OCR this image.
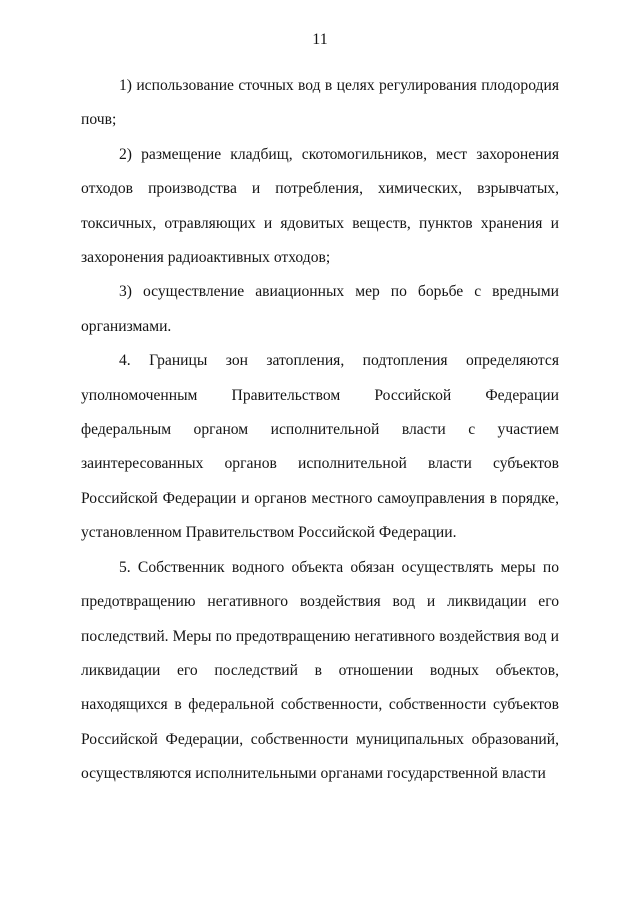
11

1) использование сточных вод в целях регулирования плодородия почв;

2) размещение кладбищ, скотомогильников, мест захоронения отходов производства и потребления, химических, взрывчатых, токсичных, отравляющих и ядовитых веществ, пунктов хранения и захоронения радиоактивных отходов;

3) осуществление авиационных мер по борьбе с вредными организмами.

4. Границы зон затопления, подтопления определяются уполномоченным Правительством Российской Федерации федеральным органом исполнительной власти с участием заинтересованных органов исполнительной власти субъектов Российской Федерации и органов местного самоуправления в порядке, установленном Правительством Российской Федерации.

5. Собственник водного объекта обязан осуществлять меры по предотвращению негативного воздействия вод и ликвидации его последствий. Меры по предотвращению негативного воздействия вод и ликвидации его последствий в отношении водных объектов, находящихся в федеральной собственности, собственности субъектов Российской Федерации, собственности муниципальных образований, осуществляются исполнительными органами государственной власти
